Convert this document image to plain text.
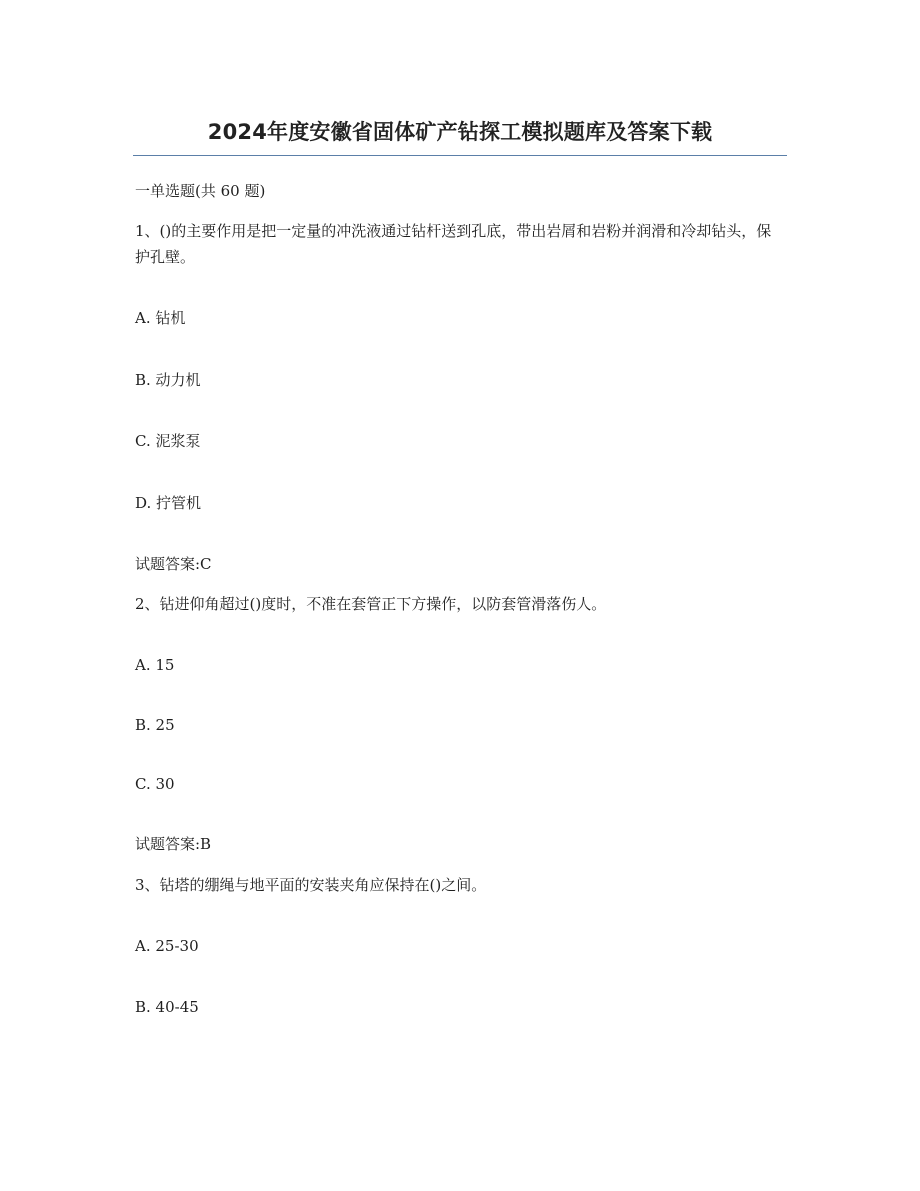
2024年度安徽省固体矿产钻探工模拟题库及答案下载
一单选题(共 60 题)
1、()的主要作用是把一定量的冲洗液通过钻杆送到孔底，带出岩屑和岩粉并润滑和冷却钻头，保护孔壁。
A. 钻机
B. 动力机
C. 泥浆泵
D. 拧管机
试题答案:C
2、钻进仰角超过()度时，不准在套管正下方操作，以防套管滑落伤人。
A. 15
B. 25
C. 30
试题答案:B
3、钻塔的绷绳与地平面的安装夹角应保持在()之间。
A. 25-30
B. 40-45
